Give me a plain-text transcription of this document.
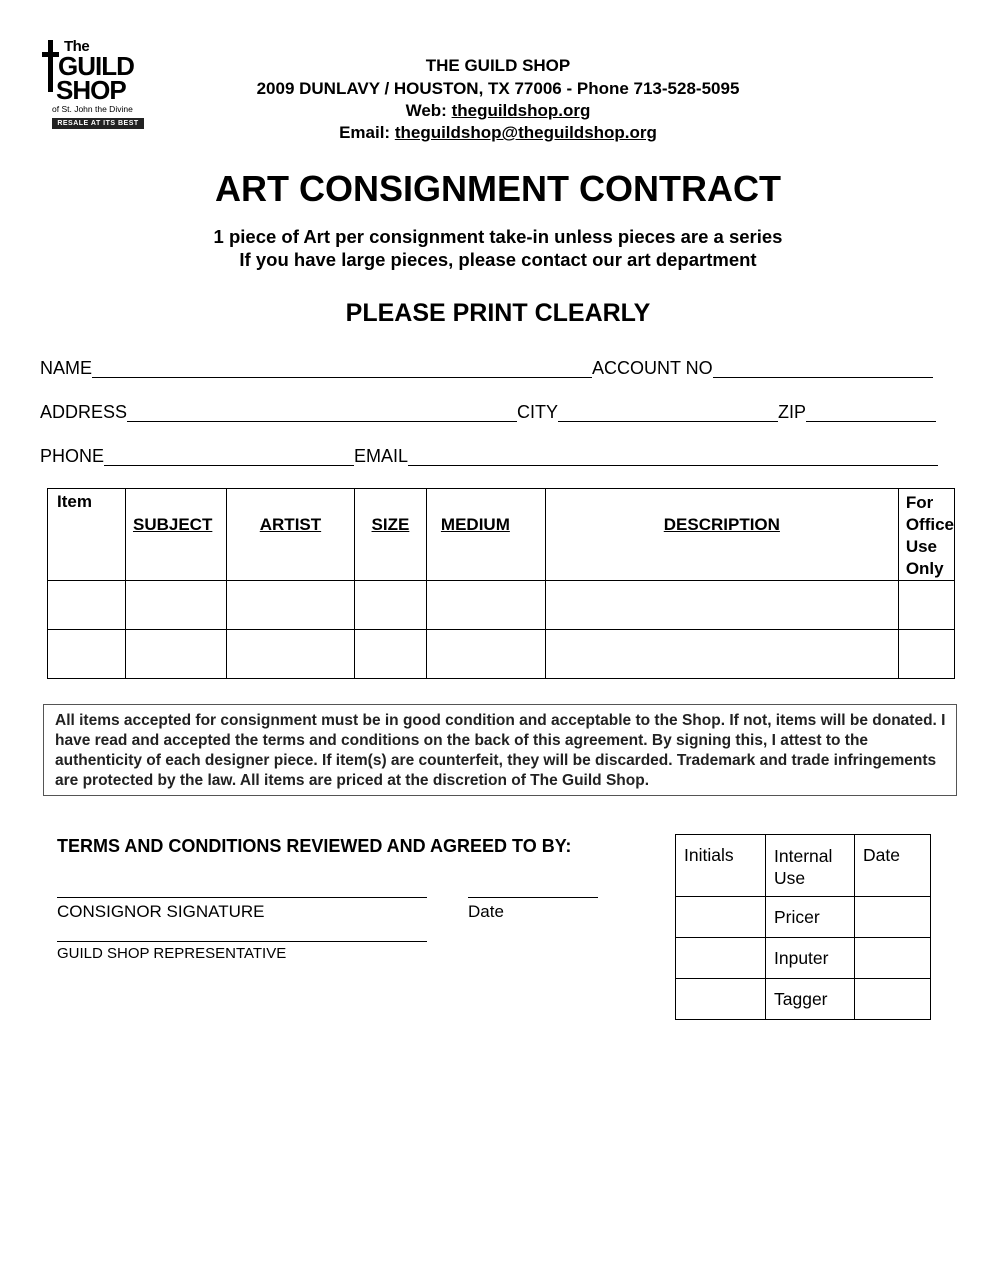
The
GUILD
SHOP
of St. John the Divine
RESALE AT ITS BEST
THE GUILD SHOP
2009 DUNLAVY / HOUSTON, TX 77006 - Phone 713-528-5095
Web: theguildshop.org
Email: theguildshop@theguildshop.org
ART CONSIGNMENT CONTRACT
1 piece of Art per consignment take-in unless pieces are a series
If you have large pieces, please contact our art department
PLEASE PRINT CLEARLY
NAME	ACCOUNT NO
ADDRESS	CITY	ZIP
PHONE	EMAIL
Item	SUBJECT	ARTIST	SIZE	MEDIUM	DESCRIPTION	For Office Use Only

All items accepted for consignment must be in good condition and acceptable to the Shop. If not, items will be donated. I have read and accepted the terms and conditions on the back of this agreement. By signing this, I attest to the authenticity of each designer piece. If item(s) are counterfeit, they will be discarded. Trademark and trade infringements are protected by the law. All items are priced at the discretion of The Guild Shop.
TERMS AND CONDITIONS REVIEWED AND AGREED TO BY:
CONSIGNOR SIGNATURE	Date
GUILD SHOP REPRESENTATIVE
Initials	Internal Use	Date
	Pricer	
	Inputer	
	Tagger	
